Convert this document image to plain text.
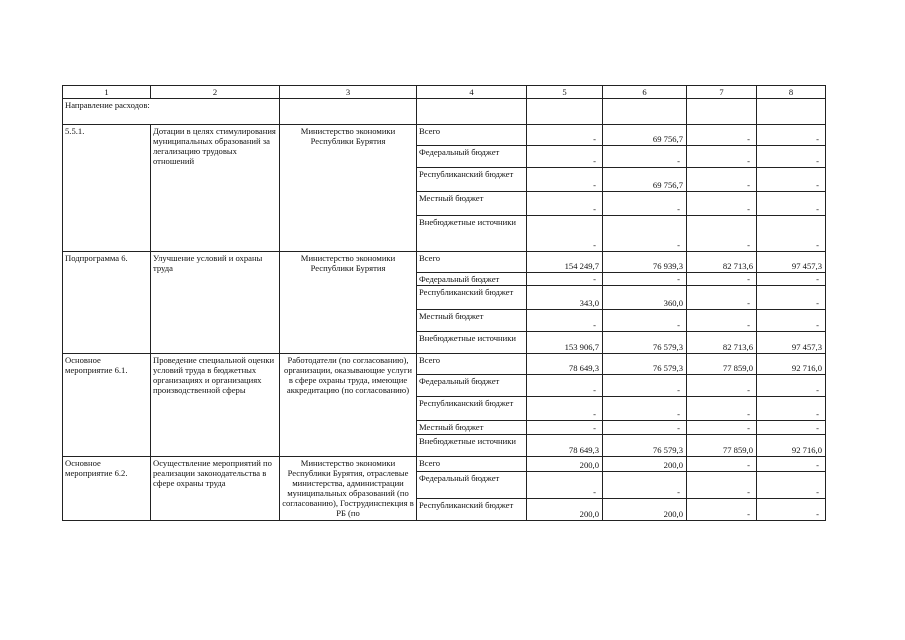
1	2	3	4	5	6	7	8
Направление расходов:							
5.5.1.	Дотации в целях стимулирования муниципальных образований за легализацию трудовых отношений	Министерство экономики Республики Бурятия	Всего	-	69 756,7	-	-
			Федеральный бюджет	-	-	-	-
			Республиканский бюджет	-	69 756,7	-	-
			Местный бюджет	-	-	-	-
			Внебюджетные источники	-	-	-	-
Подпрограмма 6.	Улучшение условий и охраны труда	Министерство экономики Республики Бурятия	Всего	154 249,7	76 939,3	82 713,6	97 457,3
			Федеральный бюджет	-	-	-	-
			Республиканский бюджет	343,0	360,0	-	-
			Местный бюджет	-	-	-	-
			Внебюджетные источники	153 906,7	76 579,3	82 713,6	97 457,3
Основное мероприятие 6.1.	Проведение специальной оценки условий труда в бюджетных организациях и организациях производственной сферы	Работодатели (по согласованию), организации, оказывающие услуги в сфере охраны труда, имеющие аккредитацию (по согласованию)	Всего	78 649,3	76 579,3	77 859,0	92 716,0
			Федеральный бюджет	-	-	-	-
			Республиканский бюджет	-	-	-	-
			Местный бюджет	-	-	-	-
			Внебюджетные источники	78 649,3	76 579,3	77 859,0	92 716,0
Основное мероприятие 6.2.	Осуществление мероприятий по реализации законодательства в сфере охраны труда	Министерство экономики Республики Бурятия, отраслевые министерства, администрации муниципальных образований (по согласованию), Гострудинспекция в РБ (по	Всего	200,0	200,0	-	-
			Федеральный бюджет	-	-	-	-
			Республиканский бюджет	200,0	200,0	-	-
